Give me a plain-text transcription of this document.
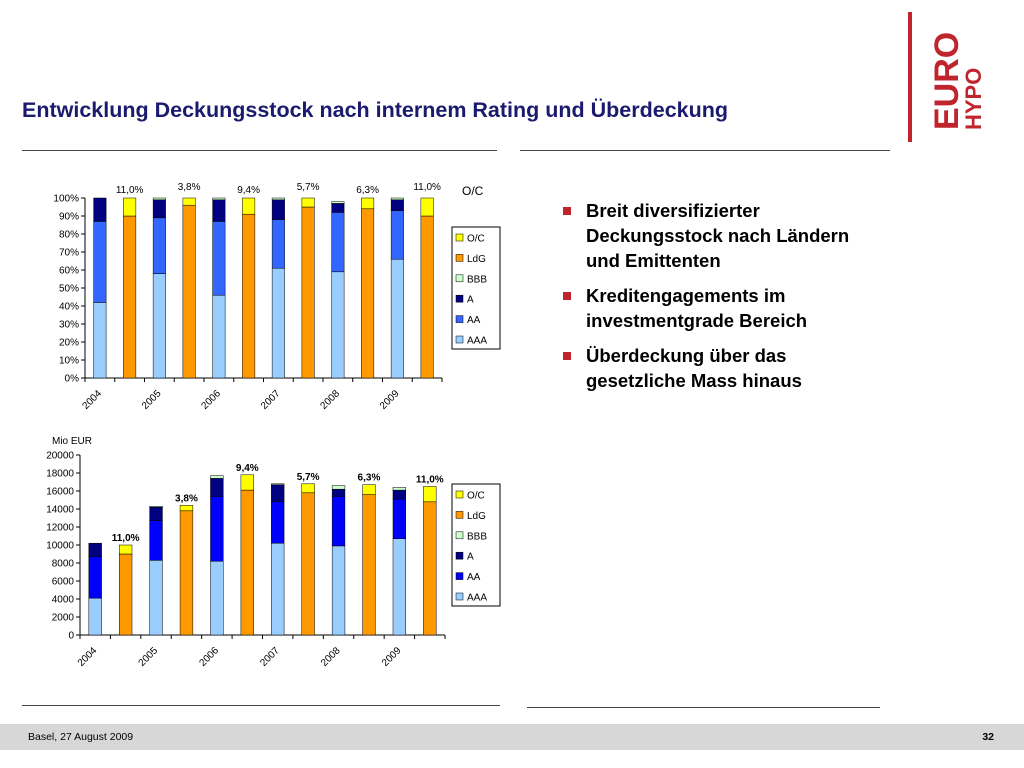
Entwicklung Deckungsstock nach internem Rating und Überdeckung	EURO
HYPO
0%
10%
20%
30%
40%
50%
60%
70%
80%
90%
100%
2004	2005	2006	2007	2008	2009
11,0%	3,8%	9,4%	5,7%	6,3%	11,0% O/C
O/C
LdG
BBB
A
AA
AAA
0
2000
4000
6000
8000
10000
12000
14000
16000
18000
20000
2004	2005	2006	2007	2008	2009
11,0%
3,8%
9,4%
5,7%	6,3%	11,0%
Mio EUR
O/C
LdG
BBB
A
AA
AAA
Breit diversifizierter Deckungsstock nach Ländern und Emittenten
Kreditengagements im investmentgrade Bereich
Überdeckung über das gesetzliche Mass hinaus
Basel, 27 August 2009	32
